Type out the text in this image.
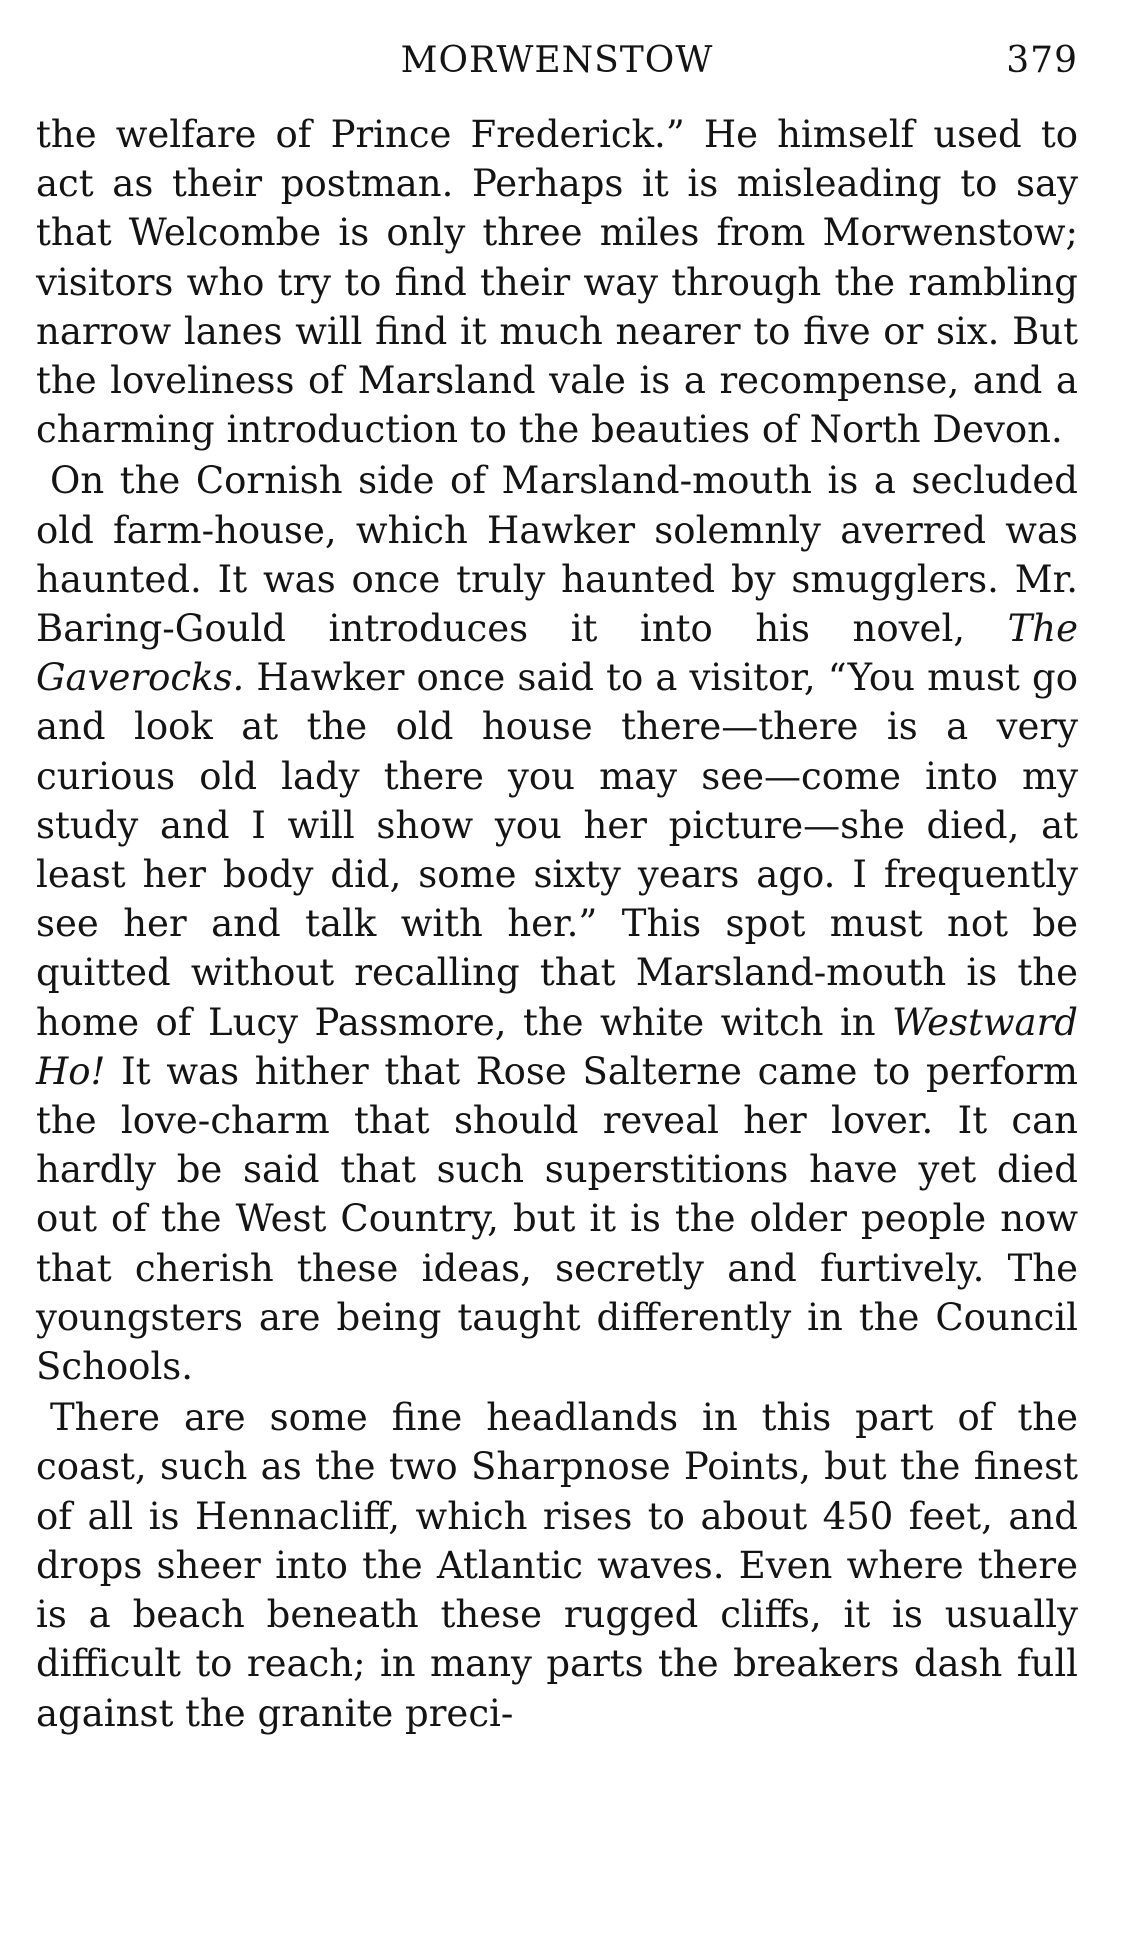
MORWENSTOW	379

the welfare of Prince Frederick.” He himself used to act as their postman. Perhaps it is misleading to say that Welcombe is only three miles from Morwenstow; visitors who try to find their way through the rambling narrow lanes will find it much nearer to five or six. But the loveliness of Marsland vale is a recompense, and a charming introduction to the beauties of North Devon.

On the Cornish side of Marsland-mouth is a secluded old farm-house, which Hawker solemnly averred was haunted. It was once truly haunted by smugglers. Mr. Baring-Gould introduces it into his novel, The Gaverocks. Hawker once said to a visitor, “You must go and look at the old house there—there is a very curious old lady there you may see—come into my study and I will show you her picture—she died, at least her body did, some sixty years ago. I frequently see her and talk with her.” This spot must not be quitted without recalling that Marsland-mouth is the home of Lucy Passmore, the white witch in Westward Ho! It was hither that Rose Salterne came to perform the love-charm that should reveal her lover. It can hardly be said that such superstitions have yet died out of the West Country, but it is the older people now that cherish these ideas, secretly and furtively. The youngsters are being taught differently in the Council Schools.

There are some fine headlands in this part of the coast, such as the two Sharpnose Points, but the finest of all is Hennacliff, which rises to about 450 feet, and drops sheer into the Atlantic waves. Even where there is a beach beneath these rugged cliffs, it is usually difficult to reach; in many parts the breakers dash full against the granite preci-
